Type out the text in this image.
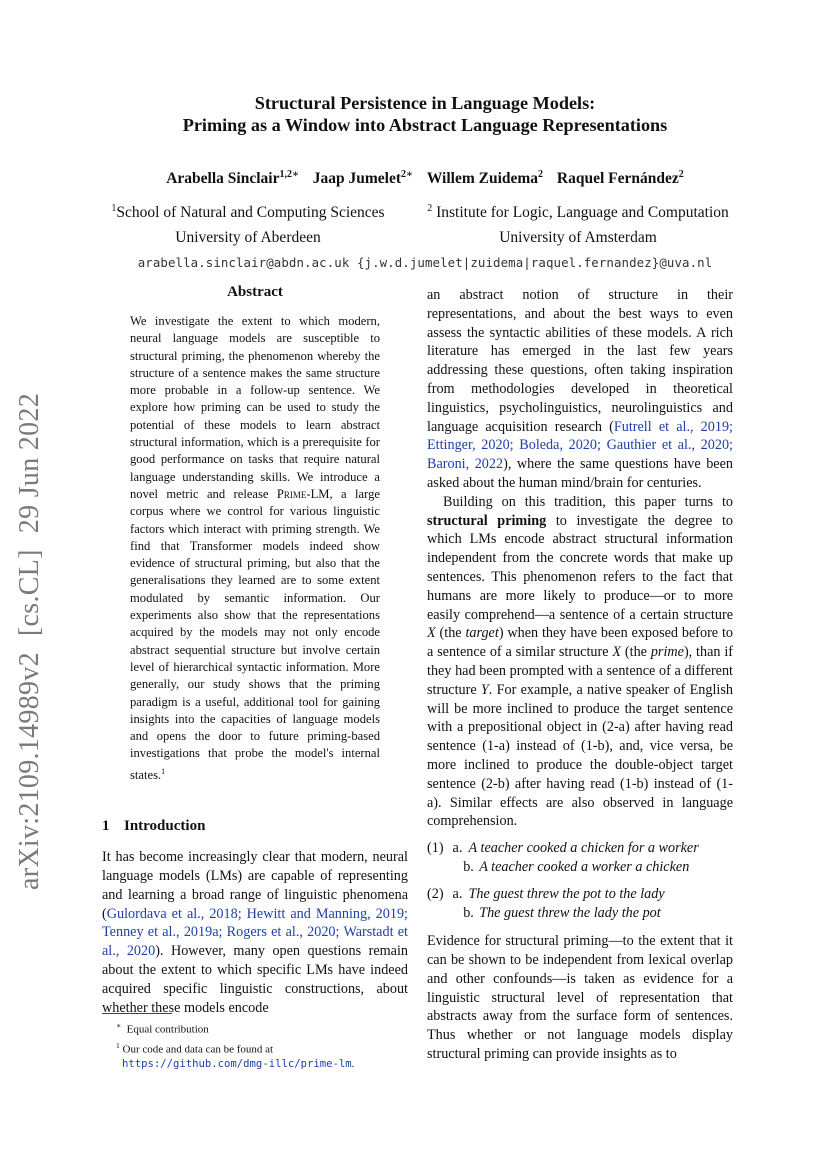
arXiv:2109.14989v2[cs.CL]29 Jun 2022
Structural Persistence in Language Models:
Priming as a Window into Abstract Language Representations
Arabella Sinclair$^{1,2∗}$ Jaap Jumelet$^{2∗}$ Willem Zuidema$^2$ Raquel Fernández$^2$
$^1$School of Natural and Computing Sciences
University of Aberdeen
$^2$ Institute for Logic, Language and Computation
University of Amsterdam
arabella.sinclair@abdn.ac.uk {j.w.d.jumelet|zuidema|raquel.fernandez}@uva.nl
Abstract

We investigate the extent to which modern, neural language models are susceptible to structural priming, the phenomenon whereby the structure of a sentence makes the same structure more probable in a follow-up sentence. We explore how priming can be used to study the potential of these models to learn abstract structural information, which is a prerequisite for good performance on tasks that require natural language understanding skills. We introduce a novel metric and release Prime-LM, a large corpus where we control for various linguistic factors which interact with priming strength. We find that Transformer models indeed show evidence of structural priming, but also that the generalisations they learned are to some extent modulated by semantic information. Our experiments also show that the representations acquired by the models may not only encode abstract sequential structure but involve certain level of hierarchical syntactic information. More generally, our study shows that the priming paradigm is a useful, additional tool for gaining insights into the capacities of language models and opens the door to future priming-based investigations that probe the model's internal states.$^1$

1 Introduction

It has become increasingly clear that modern, neural language models (LMs) are capable of representing and learning a broad range of linguistic phenomena (Gulordava et al., 2018; Hewitt and Manning, 2019; Tenney et al., 2019a; Rogers et al., 2020; Warstadt et al., 2020). However, many open questions remain about the extent to which specific LMs have indeed acquired specific linguistic constructions, about whether these models encode

∗ Equal contribution

$^1$ Our code and data can be found at https://github.com/dmg-illc/prime-lm.

an abstract notion of structure in their representations, and about the best ways to even assess the syntactic abilities of these models. A rich literature has emerged in the last few years addressing these questions, often taking inspiration from methodologies developed in theoretical linguistics, psycholinguistics, neurolinguistics and language acquisition research (Futrell et al., 2019; Ettinger, 2020; Boleda, 2020; Gauthier et al., 2020; Baroni, 2022), where the same questions have been asked about the human mind/brain for centuries.

Building on this tradition, this paper turns to structural priming to investigate the degree to which LMs encode abstract structural information independent from the concrete words that make up sentences. This phenomenon refers to the fact that humans are more likely to produce—or to more easily comprehend—a sentence of a certain structure X (the target) when they have been exposed before to a sentence of a similar structure X (the prime), than if they had been prompted with a sentence of a different structure Y. For example, a native speaker of English will be more inclined to produce the target sentence with a prepositional object in (2-a) after having read sentence (1-a) instead of (1-b), and, vice versa, be more inclined to produce the double-object target sentence (2-b) after having read (1-b) instead of (1-a). Similar effects are also observed in language comprehension.

(1) a. A teacher cooked a chicken for a worker
b. A teacher cooked a worker a chicken
(2) a. The guest threw the pot to the lady
b. The guest threw the lady the pot

Evidence for structural priming—to the extent that it can be shown to be independent from lexical overlap and other confounds—is taken as evidence for a linguistic structural level of representation that abstracts away from the surface form of sentences. Thus whether or not language models display structural priming can provide insights as to
